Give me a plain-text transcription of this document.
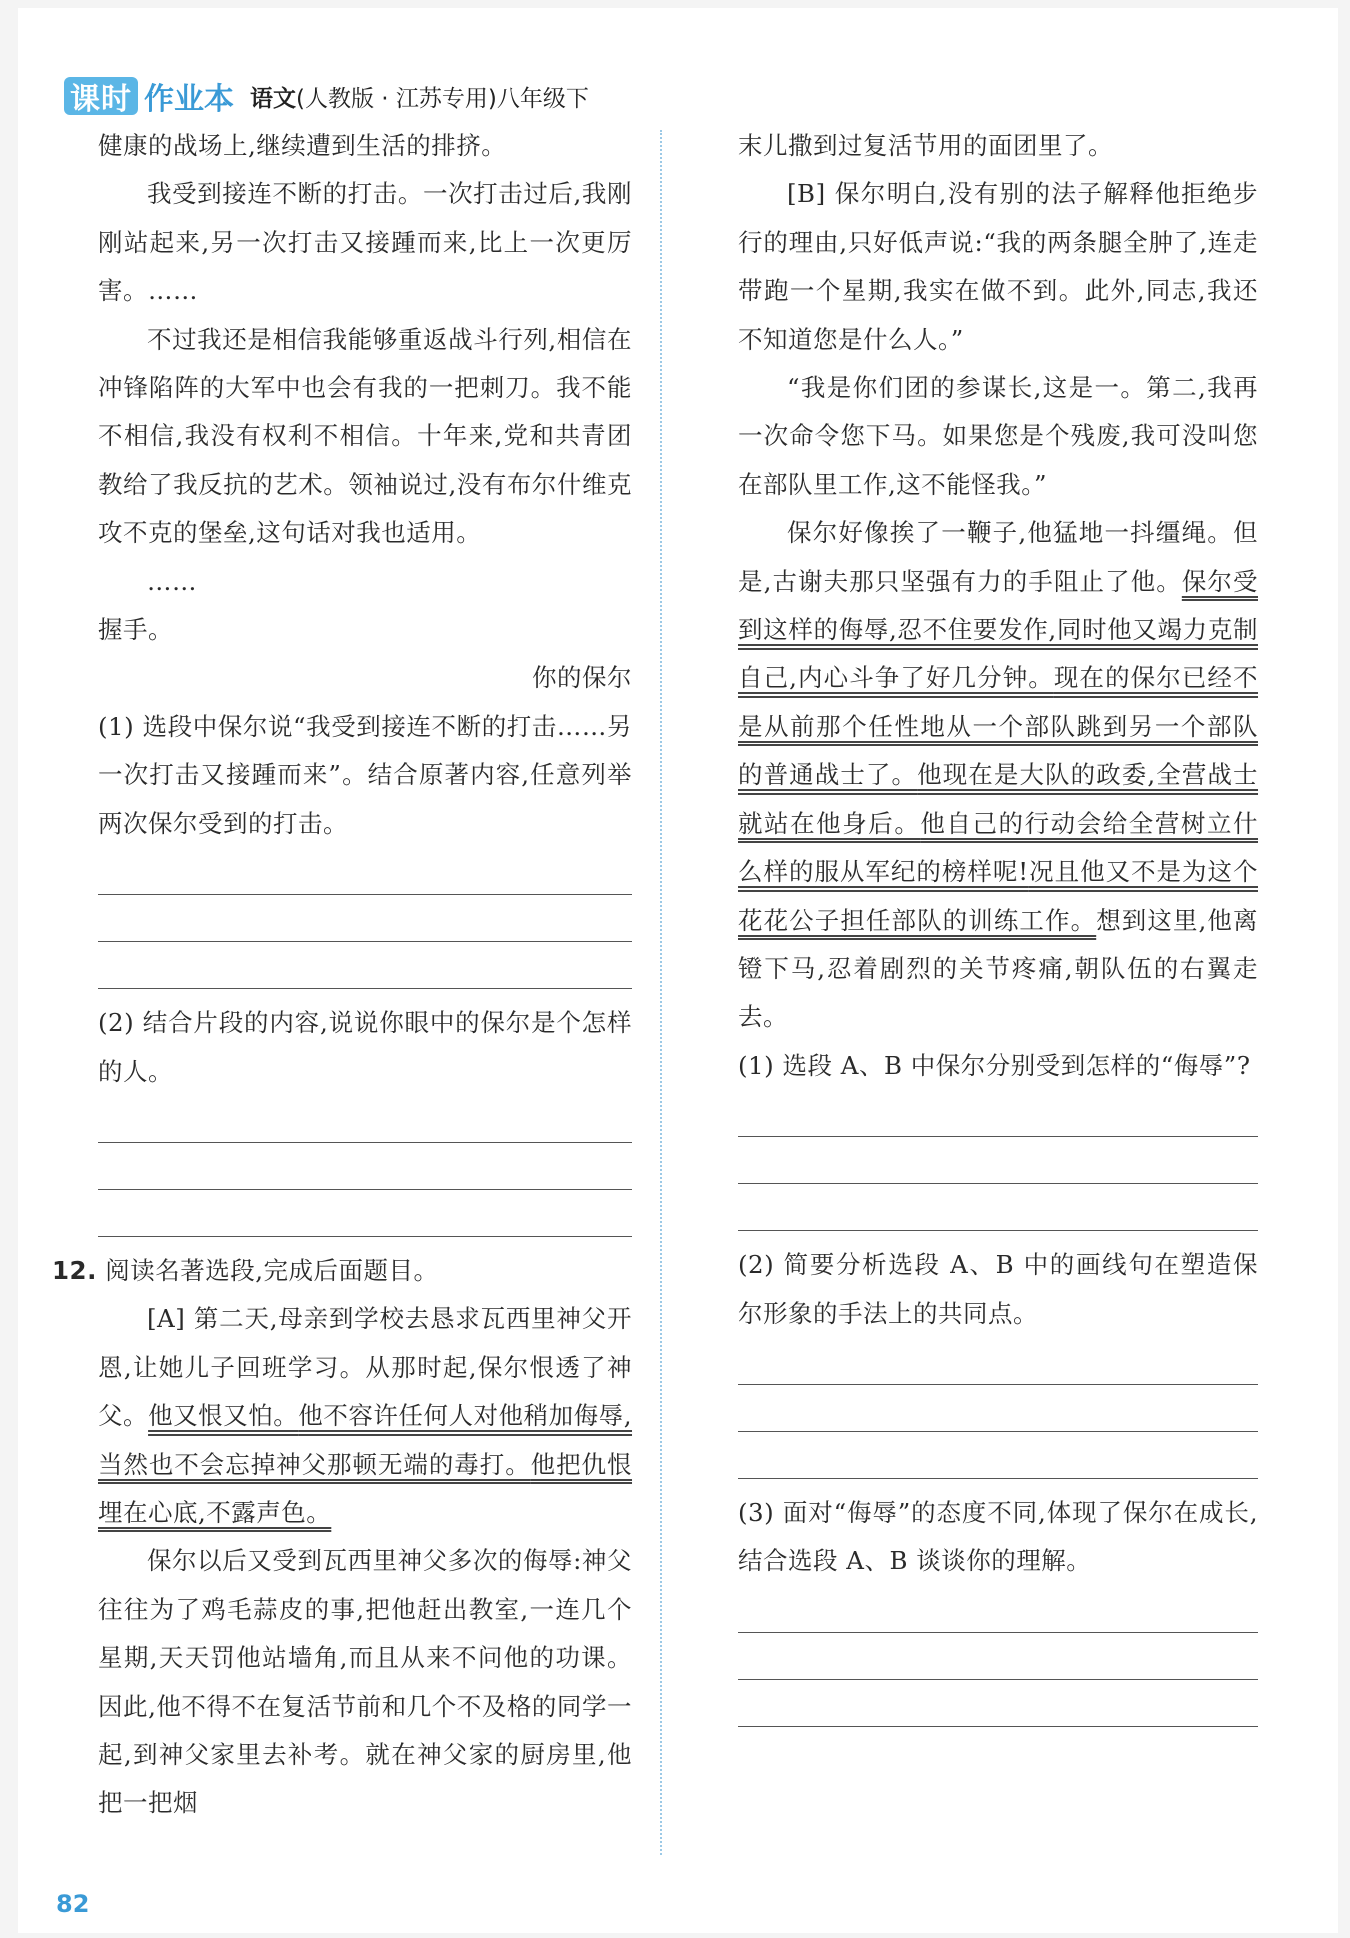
课时 作业本 语文(人教版 · 江苏专用)八年级下

健康的战场上,继续遭到生活的排挤。

我受到接连不断的打击。一次打击过后,我刚刚站起来,另一次打击又接踵而来,比上一次更厉害。……

不过我还是相信我能够重返战斗行列,相信在冲锋陷阵的大军中也会有我的一把刺刀。我不能不相信,我没有权利不相信。十年来,党和共青团教给了我反抗的艺术。领袖说过,没有布尔什维克攻不克的堡垒,这句话对我也适用。

……

握手。

你的保尔

(1) 选段中保尔说“我受到接连不断的打击……另一次打击又接踵而来”。结合原著内容,任意列举两次保尔受到的打击。

(2) 结合片段的内容,说说你眼中的保尔是个怎样的人。

12. 阅读名著选段,完成后面题目。

[A] 第二天,母亲到学校去恳求瓦西里神父开恩,让她儿子回班学习。从那时起,保尔恨透了神父。他又恨又怕。他不容许任何人对他稍加侮辱,当然也不会忘掉神父那顿无端的毒打。他把仇恨埋在心底,不露声色。

保尔以后又受到瓦西里神父多次的侮辱:神父往往为了鸡毛蒜皮的事,把他赶出教室,一连几个星期,天天罚他站墙角,而且从来不问他的功课。因此,他不得不在复活节前和几个不及格的同学一起,到神父家里去补考。就在神父家的厨房里,他把一把烟

末儿撒到过复活节用的面团里了。

[B] 保尔明白,没有别的法子解释他拒绝步行的理由,只好低声说:“我的两条腿全肿了,连走带跑一个星期,我实在做不到。此外,同志,我还不知道您是什么人。”

“我是你们团的参谋长,这是一。第二,我再一次命令您下马。如果您是个残废,我可没叫您在部队里工作,这不能怪我。”

保尔好像挨了一鞭子,他猛地一抖缰绳。但是,古谢夫那只坚强有力的手阻止了他。保尔受到这样的侮辱,忍不住要发作,同时他又竭力克制自己,内心斗争了好几分钟。现在的保尔已经不是从前那个任性地从一个部队跳到另一个部队的普通战士了。他现在是大队的政委,全营战士就站在他身后。他自己的行动会给全营树立什么样的服从军纪的榜样呢!况且他又不是为这个花花公子担任部队的训练工作。想到这里,他离镫下马,忍着剧烈的关节疼痛,朝队伍的右翼走去。

(1) 选段 A、B 中保尔分别受到怎样的“侮辱”?

(2) 简要分析选段 A、B 中的画线句在塑造保尔形象的手法上的共同点。

(3) 面对“侮辱”的态度不同,体现了保尔在成长,结合选段 A、B 谈谈你的理解。

82
